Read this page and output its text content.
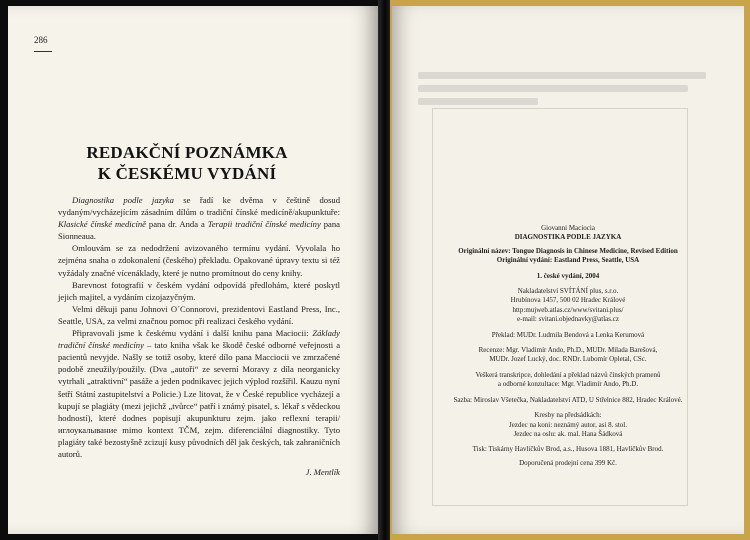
286
REDAKČNÍ POZNÁMKA
K ČESKÉMU VYDÁNÍ

Diagnostika podle jazyka se řadí ke dvěma v češtině dosud vydaným/vycházejícím zásadním dílům o tradiční čínské medicíně/akupunktuře: Klasické čínské medicíně pana dr. Anda a Terapii tradiční čínské medicíny pana Sionneaua.

Omlouvám se za nedodržení avizovaného termínu vydání. Vyvolala ho zejména snaha o zdokonalení (českého) překladu. Opakované úpravy textu si též vyžádaly značné vícenáklady, které je nutno promítnout do ceny knihy.

Barevnost fotografií v českém vydání odpovídá předlohám, které poskytl jejich majitel, a vydáním cizojazyčným.

Velmi děkuji panu Johnovi O´Connorovi, prezidentovi Eastland Press, Inc., Seattle, USA, za velmi značnou pomoc při realizaci českého vydání.

Připravovali jsme k českému vydání i další knihu pana Maciocii: Základy tradiční čínské medicíny – tato kniha však ke škodě české odborné veřejnosti a pacientů nevyjde. Našly se totiž osoby, které dílo pana Macciocii ve zmrzačené podobě zneužily/použily. (Dva „autoři“ ze severní Moravy z díla neorganicky vytrhali „atraktivní“ pasáže a jeden podnikavec jejich výplod rozšířil. Kauzu nyní šetří Státní zastupitelství a Policie.) Lze litovat, že v České republice vycházejí a kupují se plagiáty (mezi jejichž „tvůrce“ patří i známý pisatel, s. lékař s vědeckou hodností), které dodnes popisují akupunkturu zejm. jako reflexní terapii/иглоукалывание mimo kontext TČM, zejm. diferenciální diagnostiky. Tyto plagiáty také bezostyšně zcizují kusy původních děl jak českých, tak zahraničních autorů.

J. Mentlík
Giovanni Maciocia
DIAGNOSTIKA PODLE JAZYKA
Originální název: Tongue Diagnosis in Chinese Medicine, Revised Edition
Originální vydání: Eastland Press, Seattle, USA
1. české vydání, 2004
Nakladatelství SVÍTÁNÍ plus, s.r.o.
Hrubínova 1457, 500 02 Hradec Králové
http:mujweb.atlas.cz/www/svitani.plus/
e-mail: svitani.objednavky@atlas.cz
Překlad: MUDr. Ludmila Bendová a Lenka Kerumová
Recenze: Mgr. Vladimír Ando, Ph.D., MUDr. Milada Barešová,
MUDr. Jozef Lucký, doc. RNDr. Lubomír Opletal, CSc.
Veškerá transkripce, dohledání a překlad názvů čínských pramenů
a odborné konzultace: Mgr. Vladimír Ando, Ph.D.
Sazba: Miroslav Všetečka, Nakladatelství ATD, U Střelnice 882, Hradec Králové.
Kresby na předsádkách:
Jezdec na koni: neznámý autor, asi 8. stol.
Jezdec na oslu: ak. mal. Hana Šádková
Tisk: Tiskárny Havlíčkův Brod, a.s., Husova 1881, Havlíčkův Brod.
Doporučená prodejní cena 399 Kč.
